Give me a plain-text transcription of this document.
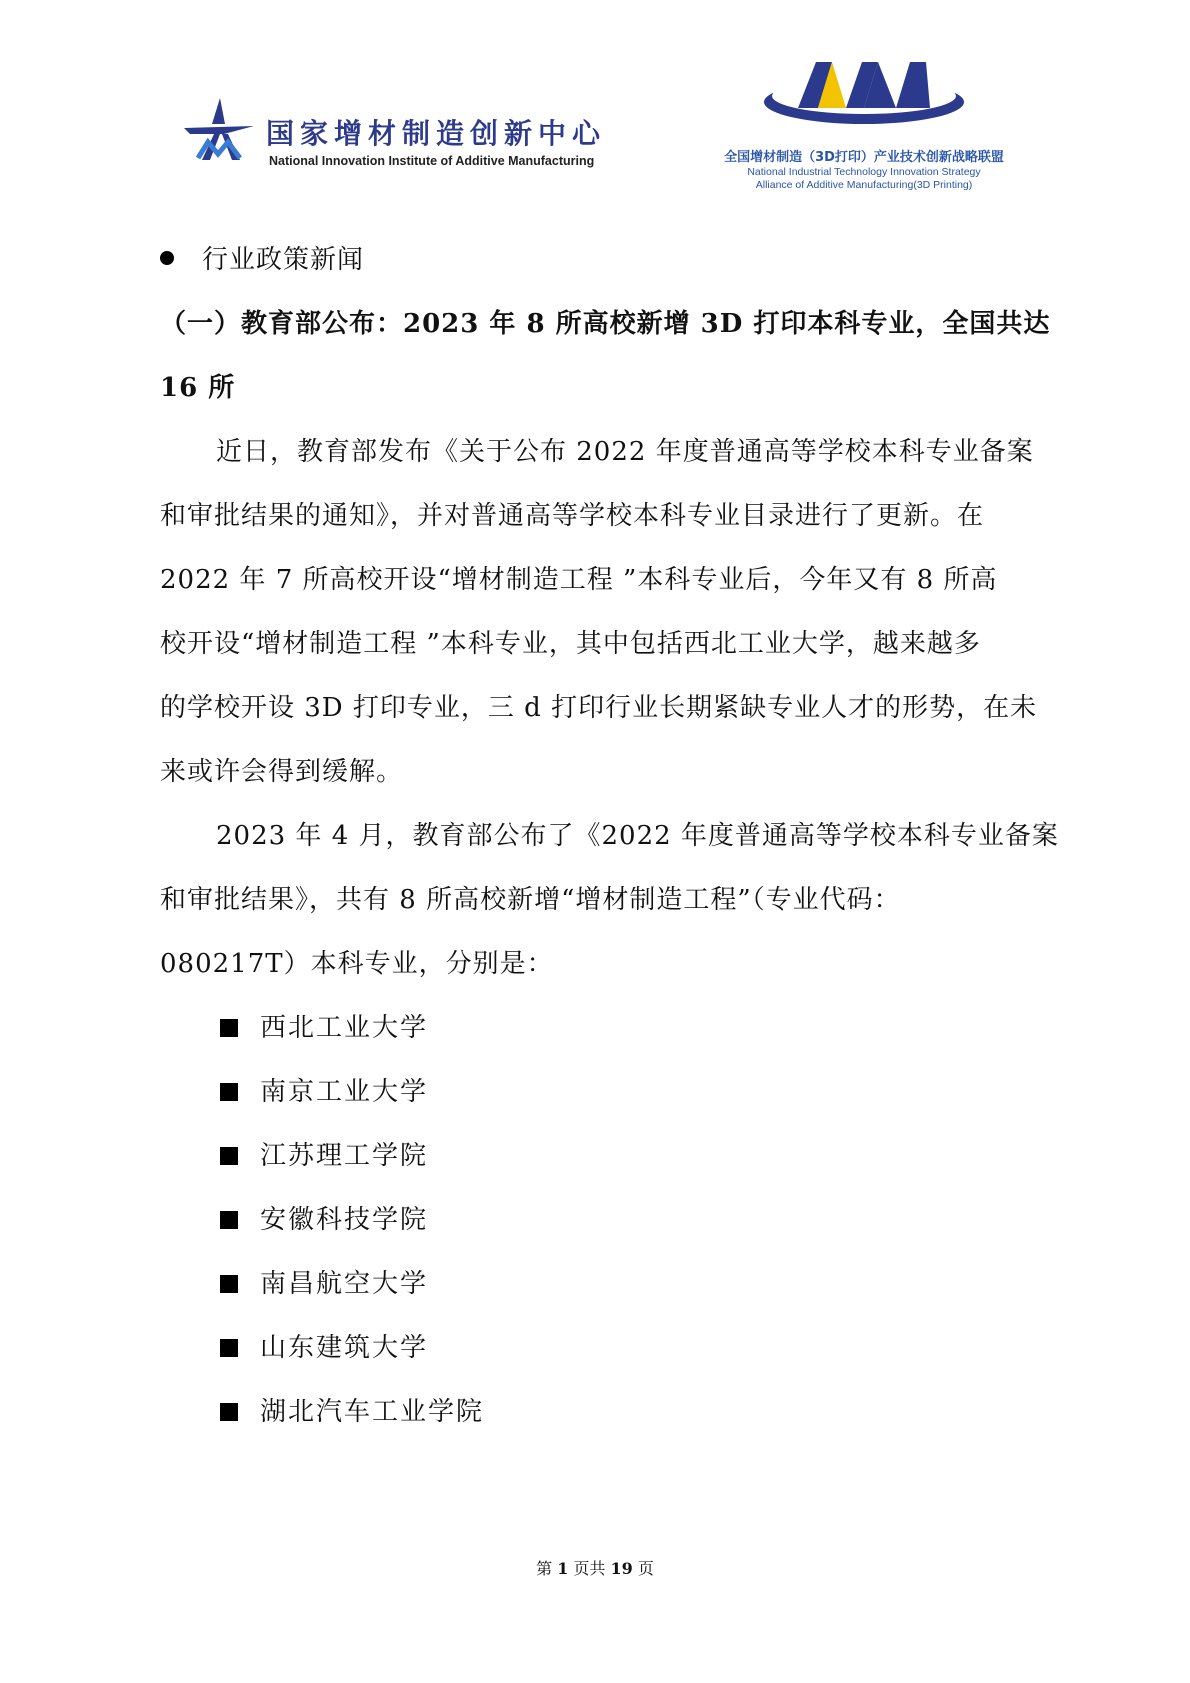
国家增材制造创新中心
National Innovation Institute of Additive Manufacturing	全国增材制造（3D打印）产业技术创新战略联盟
National Industrial Technology Innovation Strategy
Alliance of Additive Manufacturing(3D Printing)
行业政策新闻
（一）教育部公布：2023 年 8 所高校新增 3D 打印本科专业，全国共达
16 所
近日，教育部发布《关于公布 2022 年度普通高等学校本科专业备案
和审批结果的通知》，并对普通高等学校本科专业目录进行了更新。在
2022 年 7 所高校开设“增材制造工程 ”本科专业后，今年又有 8 所高
校开设“增材制造工程 ”本科专业，其中包括西北工业大学，越来越多
的学校开设 3D 打印专业，三 d 打印行业长期紧缺专业人才的形势，在未
来或许会得到缓解。
2023 年 4 月，教育部公布了《2022 年度普通高等学校本科专业备案
和审批结果》，共有 8 所高校新增“增材制造工程”（专业代码：
080217T）本科专业，分别是：
西北工业大学
南京工业大学
江苏理工学院
安徽科技学院
南昌航空大学
山东建筑大学
湖北汽车工业学院
第 1 页共 19 页
